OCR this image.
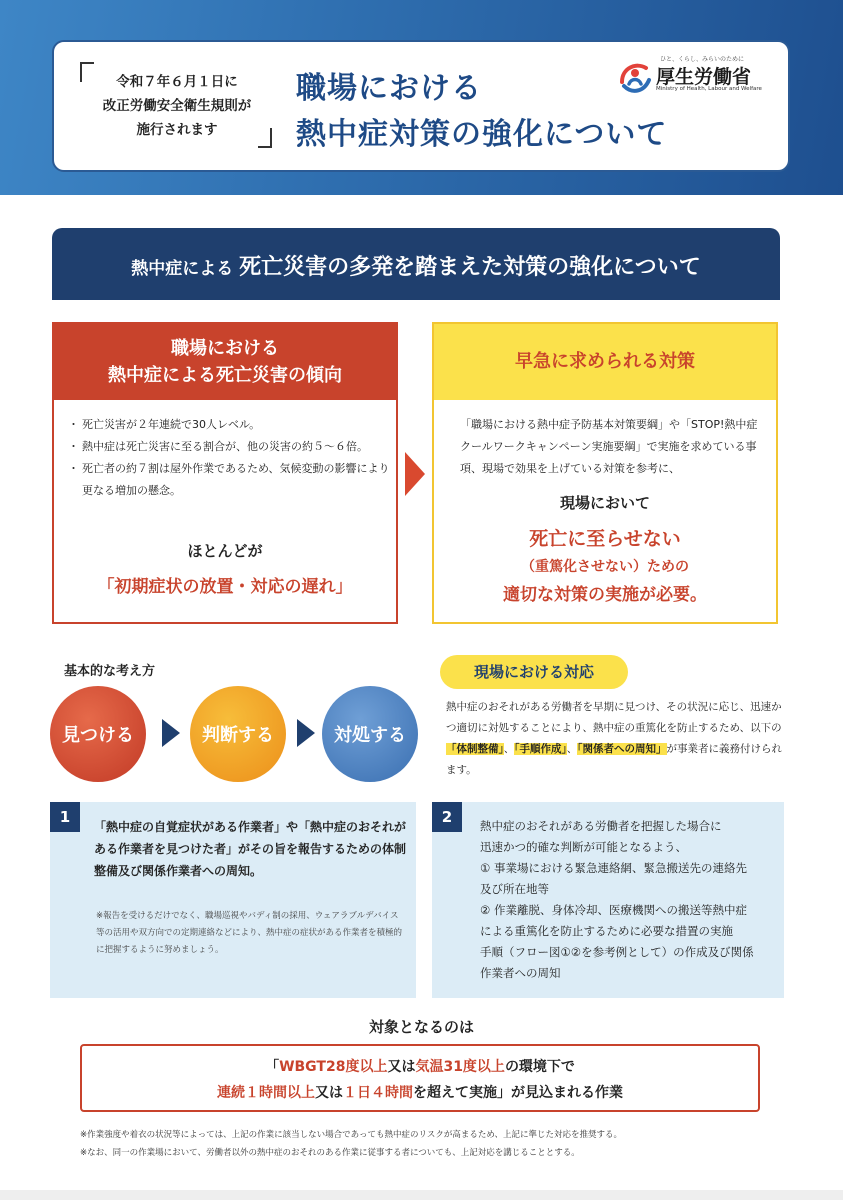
令和７年６月１日に
改正労働安全衛生規則が
施行されます
職場における
熱中症対策の強化について
ひと、くらし、みらいのために
厚生労働省
Ministry of Health, Labour and Welfare
熱中症による 死亡災害の多発を踏まえた対策の強化について
職場における
熱中症による死亡災害の傾向
・ 死亡災害が２年連続で30人レベル。
・ 熱中症は死亡災害に至る割合が、他の災害の約５～６倍。
・ 死亡者の約７割は屋外作業であるため、気候変動の影響により更なる増加の懸念。
ほとんどが
「初期症状の放置・対応の遅れ」
早急に求められる対策
「職場における熱中症予防基本対策要綱」や「STOP!熱中症クールワークキャンペーン実施要綱」で実施を求めている事項、現場で効果を上げている対策を参考に、
現場において
死亡に至らせない
（重篤化させない）ための
適切な対策の実施が必要。
基本的な考え方
見つける	判断する	対処する
現場における対応
熱中症のおそれがある労働者を早期に見つけ、その状況に応じ、迅速かつ適切に対処することにより、熱中症の重篤化を防止するため、以下の「体制整備」、「手順作成」、「関係者への周知」が事業者に義務付けられます。
1
「熱中症の自覚症状がある作業者」や「熱中症のおそれがある作業者を見つけた者」がその旨を報告するための体制整備及び関係作業者への周知。
※報告を受けるだけでなく、職場巡視やバディ制の採用、ウェアラブルデバイス等の活用や双方向での定期連絡などにより、熱中症の症状がある作業者を積極的に把握するように努めましょう。
2	熱中症のおそれがある労働者を把握した場合に
迅速かつ的確な判断が可能となるよう、
① 事業場における緊急連絡網、緊急搬送先の連絡先
及び所在地等
② 作業離脱、身体冷却、医療機関への搬送等熱中症
による重篤化を防止するために必要な措置の実施
手順（フロー図①②を参考例として）の作成及び関係
作業者への周知
対象となるのは
「WBGT28度以上又は気温31度以上の環境下で
連続１時間以上又は１日４時間を超えて実施」が見込まれる作業
※作業強度や着衣の状況等によっては、上記の作業に該当しない場合であっても熱中症のリスクが高まるため、上記に準じた対応を推奨する。
※なお、同一の作業場において、労働者以外の熱中症のおそれのある作業に従事する者についても、上記対応を講じることとする。
